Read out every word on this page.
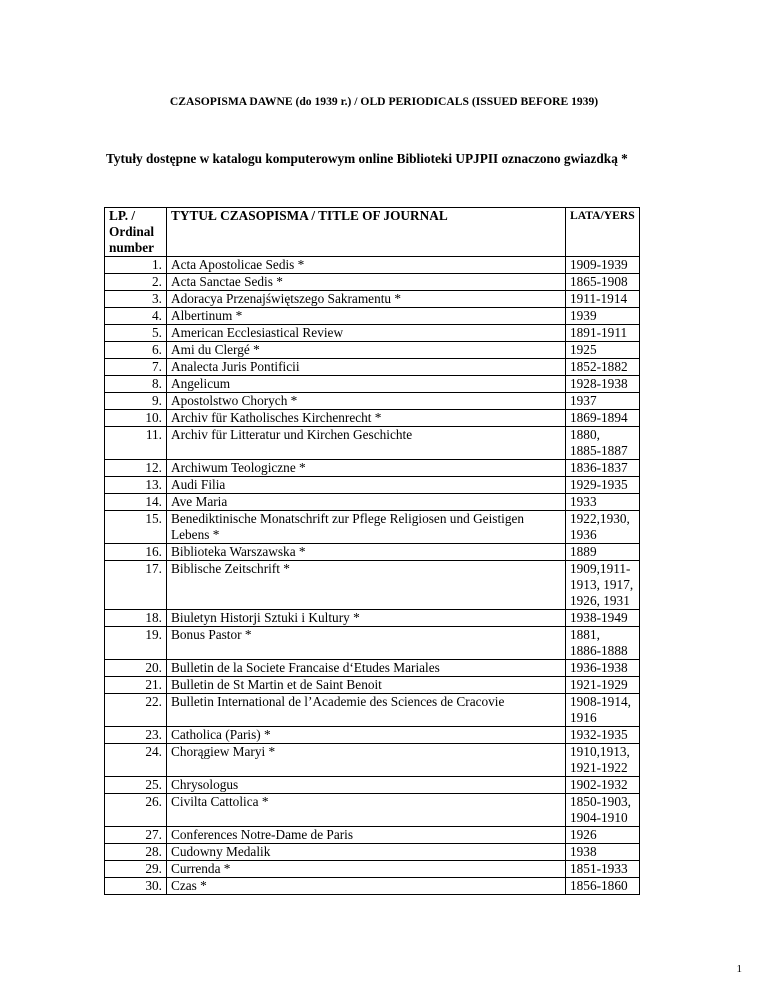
CZASOPISMA DAWNE (do 1939 r.) / OLD PERIODICALS (ISSUED BEFORE 1939)
Tytuły dostępne w katalogu komputerowym online Biblioteki UPJPII oznaczono gwiazdką *
LP. /
Ordinal
number	TYTUŁ CZASOPISMA / TITLE OF JOURNAL	LATA/YERS
1.	Acta Apostolicae Sedis *	1909-1939
2.	Acta Sanctae Sedis *	1865-1908
3.	Adoracya Przenajświętszego Sakramentu *	1911-1914
4.	Albertinum *	1939
5.	American Ecclesiastical Review	1891-1911
6.	Ami du Clergé *	1925
7.	Analecta Juris Pontificii	1852-1882
8.	Angelicum	1928-1938
9.	Apostolstwo Chorych *	1937
10.	Archiv für Katholisches Kirchenrecht *	1869-1894
11.	Archiv für Litteratur und Kirchen Geschichte	1880,
1885-1887
12.	Archiwum Teologiczne *	1836-1837
13.	Audi Filia	1929-1935
14.	Ave Maria	1933
15.	Benediktinische Monatschrift zur Pflege Religiosen und Geistigen Lebens *	1922,1930,
1936
16.	Biblioteka Warszawska *	1889
17.	Biblische Zeitschrift *	1909,1911-
1913, 1917,
1926, 1931
18.	Biuletyn Historji Sztuki i Kultury *	1938-1949
19.	Bonus Pastor *	1881,
1886-1888
20.	Bulletin de la Societe Francaise d‘Etudes Mariales	1936-1938
21.	Bulletin de St Martin et de Saint Benoit	1921-1929
22.	Bulletin International de l’Academie des Sciences de Cracovie	1908-1914,
1916
23.	Catholica (Paris) *	1932-1935
24.	Chorągiew Maryi *	1910,1913,
1921-1922
25.	Chrysologus	1902-1932
26.	Civilta Cattolica *	1850-1903,
1904-1910
27.	Conferences Notre-Dame de Paris	1926
28.	Cudowny Medalik	1938
29.	Currenda *	1851-1933
30.	Czas *	1856-1860
1
